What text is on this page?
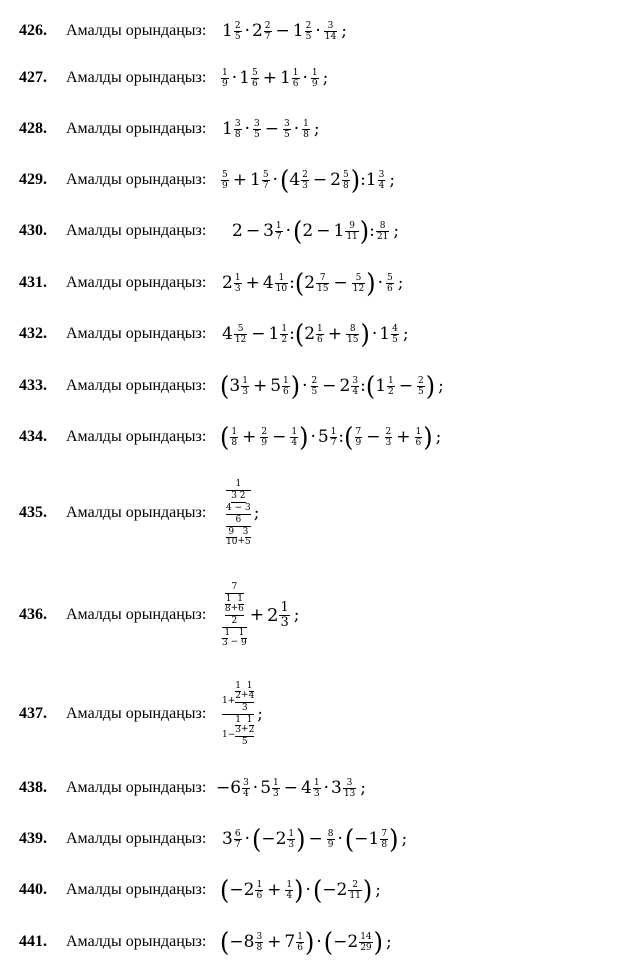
426. Амалды орындаңыз: $1 \frac{2}{5} \cdot 2 \frac{2}{7} - 1 \frac{2}{5} \cdot \frac{3}{14}$ ;
427. Амалды орындаңыз: $\frac{1}{9} \cdot 1 \frac{5}{6} + 1 \frac{1}{6} \cdot \frac{1}{9}$ ;
428. Амалды орындаңыз: $1 \frac{3}{8} \cdot \frac{3}{5} - \frac{3}{5} \cdot \frac{1}{8}$ ;
429. Амалды орындаңыз: $\frac{5}{9} + 1 \frac{5}{7}$ · ( $4 \frac{2}{3} - 2 \frac{5}{8}$ ) :1 $\frac{3}{4}$ ;
430. Амалды орындаңыз: $2 - 3 \frac{1}{7}$ · ( $2 - 1 \frac{9}{11}$ ) : $\frac{8}{21}$ ;
431. Амалды орындаңыз: $2 \frac{1}{3} + 4 \frac{1}{10}$ : ( $2 \frac{7}{15} - \frac{5}{12}$ ) · $\frac{5}{6}$ ;
432. Амалды орындаңыз: $4 \frac{5}{12} - 1 \frac{1}{2}$ : ( $2 \frac{1}{6} + \frac{8}{15}$ ) · $1 \frac{4}{5}$ ;
433. Амалды орындаңыз: ( $3 \frac{1}{3} + 5 \frac{1}{6}$ ) · $\frac{2}{5} - 2 \frac{3}{4}$ : ( $1 \frac{1}{2} - \frac{2}{5}$ ) ;
434. Амалды орындаңыз: ( $\frac{1}{8} + \frac{2}{9} - \frac{1}{4}$ ) · $5 \frac{1}{7}$ : ( $\frac{7}{9} - \frac{2}{3} + \frac{1}{6}$ ) ;
435. Амалды орындаңыз:
1
3 2
4 − 3
6
9   3
10 + 5
;
436. Амалды орындаңыз:
7
1  1
8 + 6
2
1   1
3 − 9
+ $2 \frac{1}{3}$ ;
437. Амалды орындаңыз:
1  1
1+
2 + 4
3
1  1
1−
3 + 2
5
;
438. Амалды орындаңыз: $-6 \frac{3}{4} \cdot 5 \frac{1}{3} - 4 \frac{1}{3} \cdot 3 \frac{3}{13}$ ;
439. Амалды орындаңыз: $3 \frac{6}{7}$ · ( $-2 \frac{1}{3}$ ) − $\frac{8}{9}$ · ( $-1 \frac{7}{8}$ ) ;
440. Амалды орындаңыз: ( $-2 \frac{1}{6} + \frac{1}{4}$ ) · ( $-2 \frac{2}{11}$ ) ;
441. Амалды орындаңыз: ( $-8 \frac{3}{8} + 7 \frac{1}{6}$ ) · ( $-2 \frac{14}{29}$ ) ;
